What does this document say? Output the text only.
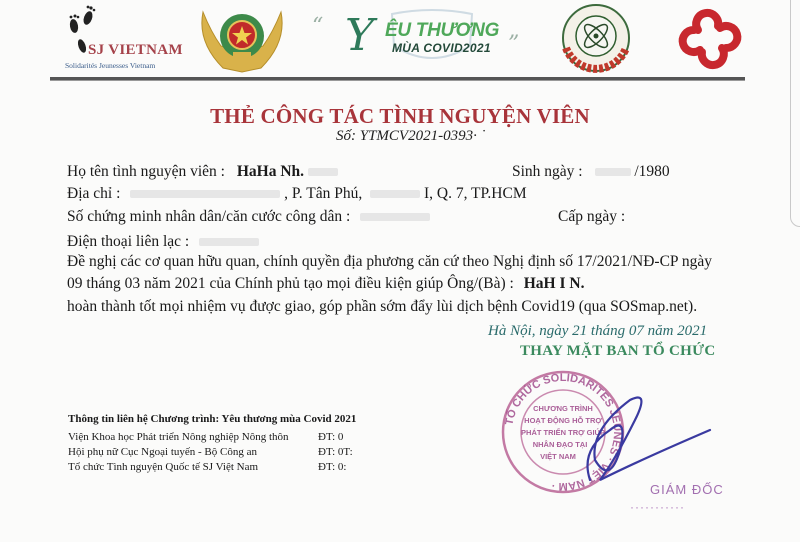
SJ VIETNAM
Solidarités Jeunesses Vietnam
“ Y ÊU THƯƠNG
MÙA COVID2021 ”
THẺ CÔNG TÁC TÌNH NGUYỆN VIÊN
Số: YTMCV2021-0393· ˙
Họ tên tình nguyện viên : HaHa Nh.	Sinh ngày :	/1980
Địa chỉ :	, P. Tân Phú,	I, Q. 7, TP.HCM
Số chứng minh nhân dân/căn cước công dân :	Cấp ngày :
Điện thoại liên lạc :
Đề nghị các cơ quan hữu quan, chính quyền địa phương căn cứ theo Nghị định số 17/2021/NĐ-CP ngày
09 tháng 03 năm 2021 của Chính phủ tạo mọi điều kiện giúp Ông/(Bà) : HaH I N.
hoàn thành tốt mọi nhiệm vụ được giao, góp phần sớm đẩy lùi dịch bệnh Covid19 (qua SOSmap.net).
Hà Nội, ngày 21 tháng 07 năm 2021
THAY MẶT BAN TỔ CHỨC
TỔ CHỨC SOLIDARITES JEUNES · VIỆT NAM ·
CHƯƠNG TRÌNH
HOẠT ĐỘNG HỖ TRỢ
PHÁT TRIỂN TRỢ GIÚP
NHÂN ĐẠO TẠI
VIỆT NAM
GIÁM ĐỐC
···········
Thông tin liên hệ Chương trình: Yêu thương mùa Covid 2021
Viện Khoa học Phát triển Nông nghiệp Nông thôn	ĐT: 0
Hội phụ nữ Cục Ngoại tuyến - Bộ Công an	ĐT: 0T:
Tổ chức Tình nguyện Quốc tế SJ Việt Nam	ĐT: 0:
